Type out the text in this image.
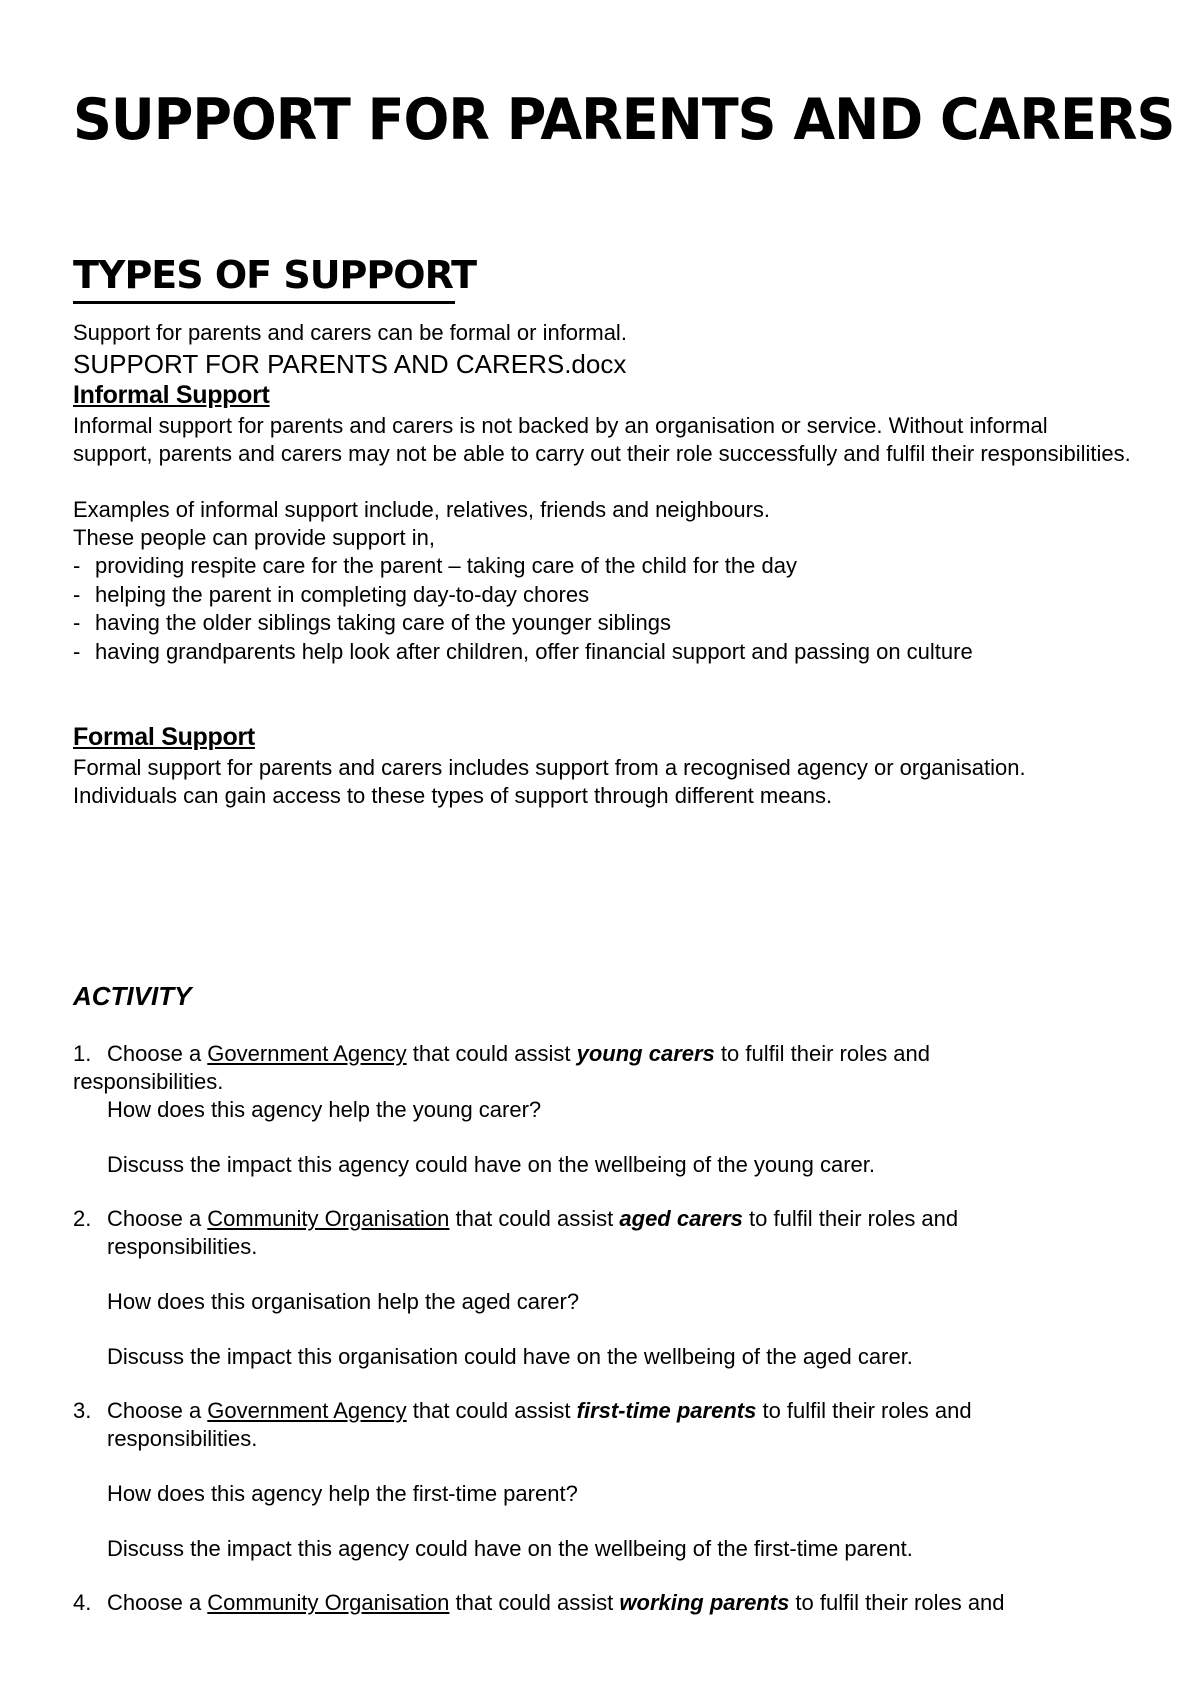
SUPPORT FOR PARENTS AND CARERS
TYPES OF SUPPORT
Support for parents and carers can be formal or informal.
SUPPORT FOR PARENTS AND CARERS.docx
Informal Support
Informal support for parents and carers is not backed by an organisation or service. Without informal support, parents and carers may not be able to carry out their role successfully and fulfil their responsibilities.
Examples of informal support include, relatives, friends and neighbours.
These people can provide support in,
- providing respite care for the parent – taking care of the child for the day
- helping the parent in completing day-to-day chores
- having the older siblings taking care of the younger siblings
- having grandparents help look after children, offer financial support and passing on culture
Formal Support
Formal support for parents and carers includes support from a recognised agency or organisation. Individuals can gain access to these types of support through different means.
ACTIVITY
1. Choose a Government Agency that could assist young carers to fulfil their roles and
responsibilities.
How does this agency help the young carer?
Discuss the impact this agency could have on the wellbeing of the young carer.
2. Choose a Community Organisation that could assist aged carers to fulfil their roles and
responsibilities.
How does this organisation help the aged carer?
Discuss the impact this organisation could have on the wellbeing of the aged carer.
3. Choose a Government Agency that could assist first-time parents to fulfil their roles and
responsibilities.
How does this agency help the first-time parent?
Discuss the impact this agency could have on the wellbeing of the first-time parent.
4. Choose a Community Organisation that could assist working parents to fulfil their roles and
